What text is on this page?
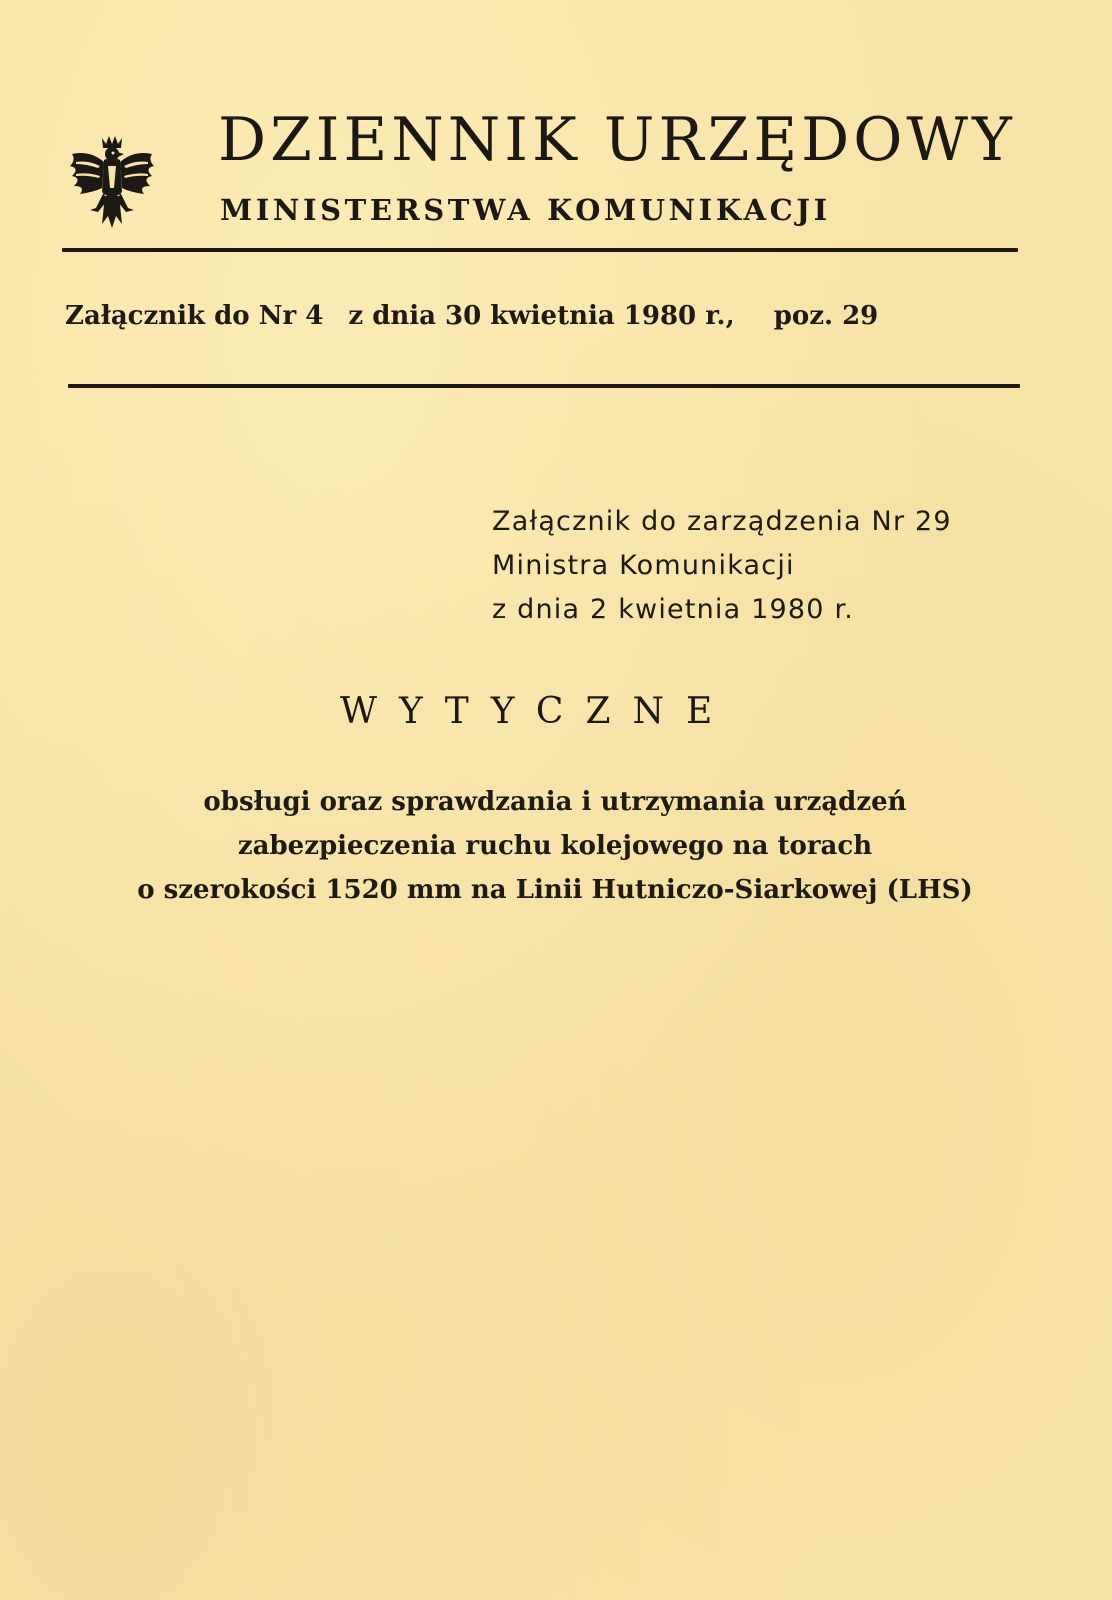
DZIENNIK URZĘDOWY
MINISTERSTWA KOMUNIKACJI
Załącznik do Nr 4 z dnia 30 kwietnia 1980 r., poz. 29
Załącznik do zarządzenia Nr 29
Ministra Komunikacji
z dnia 2 kwietnia 1980 r.
WYTYCZNE
obsługi oraz sprawdzania i utrzymania urządzeń
zabezpieczenia ruchu kolejowego na torach
o szerokości 1520 mm na Linii Hutniczo-Siarkowej (LHS)
